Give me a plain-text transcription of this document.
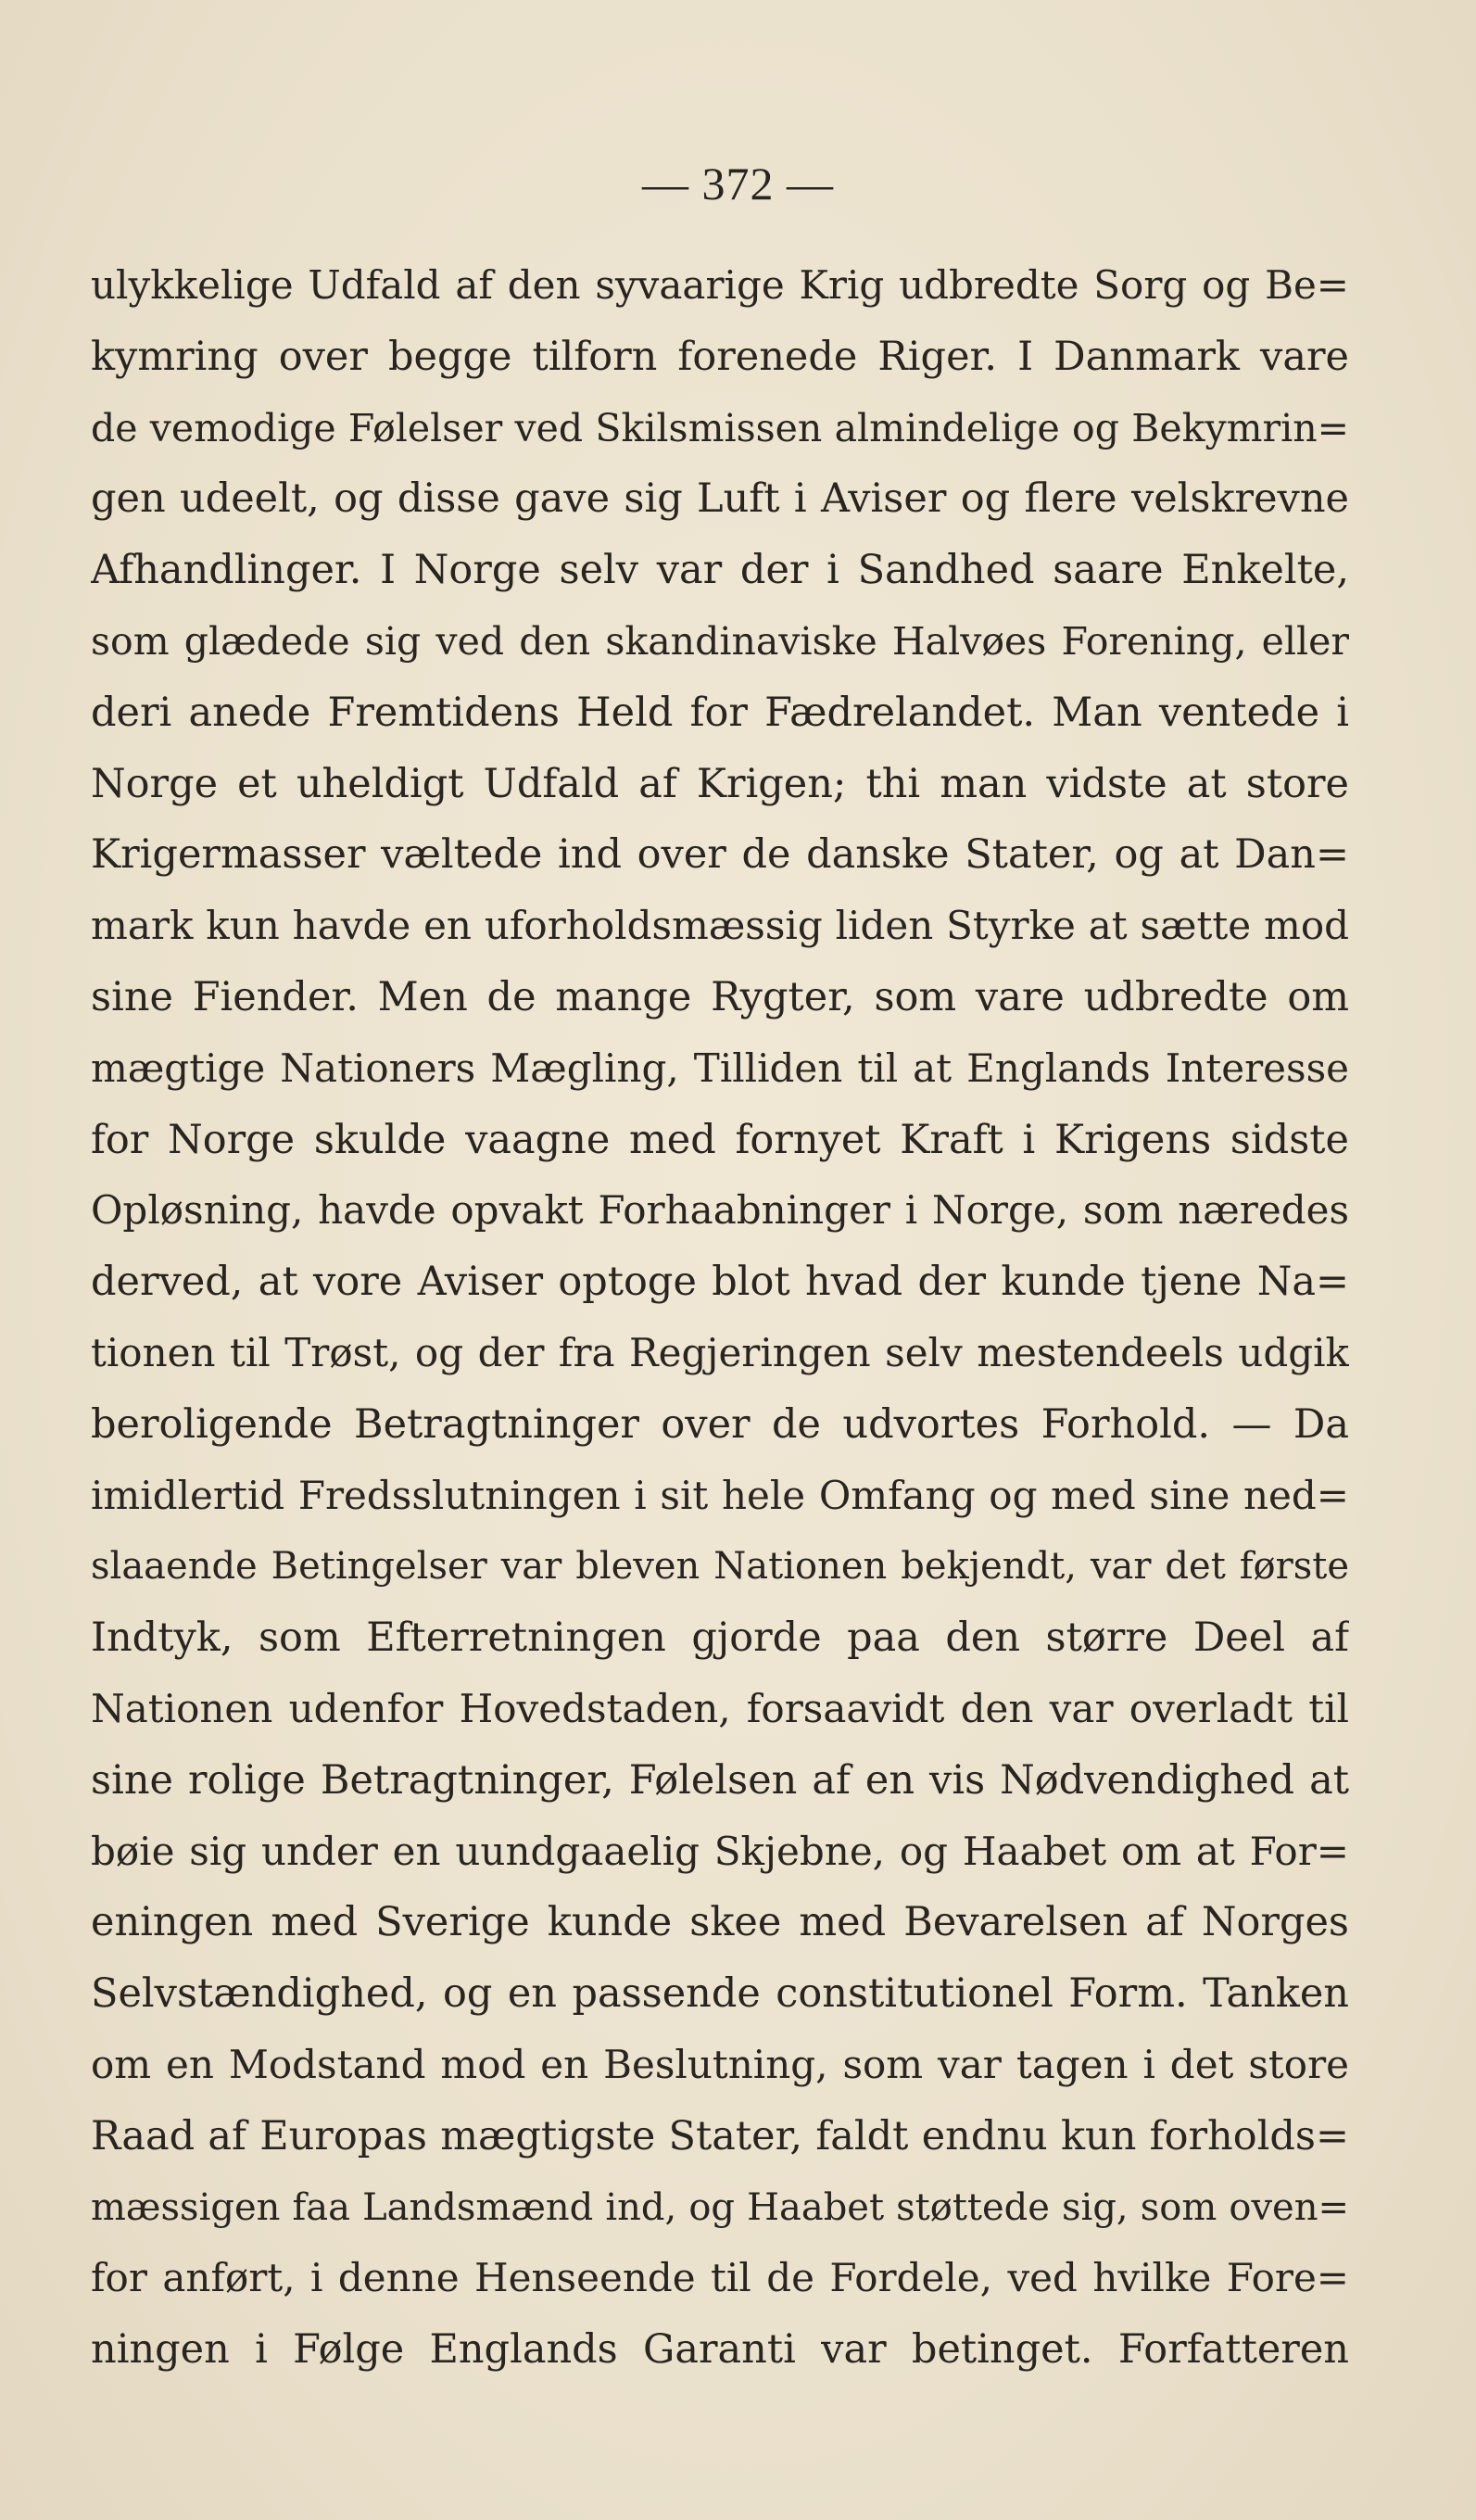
— 372 —
ulykkelige Udfald af den syvaarige Krig udbredte Sorg og Be=
kymring over begge tilforn forenede Riger. I Danmark vare
de vemodige Følelser ved Skilsmissen almindelige og Bekymrin=
gen udeelt, og disse gave sig Luft i Aviser og flere velskrevne
Afhandlinger. I Norge selv var der i Sandhed saare Enkelte,
som glædede sig ved den skandinaviske Halvøes Forening, eller
deri anede Fremtidens Held for Fædrelandet. Man ventede i
Norge et uheldigt Udfald af Krigen; thi man vidste at store
Krigermasser væltede ind over de danske Stater, og at Dan=
mark kun havde en uforholdsmæssig liden Styrke at sætte mod
sine Fiender. Men de mange Rygter, som vare udbredte om
mægtige Nationers Mægling, Tilliden til at Englands Interesse
for Norge skulde vaagne med fornyet Kraft i Krigens sidste
Opløsning, havde opvakt Forhaabninger i Norge, som næredes
derved, at vore Aviser optoge blot hvad der kunde tjene Na=
tionen til Trøst, og der fra Regjeringen selv mestendeels udgik
beroligende Betragtninger over de udvortes Forhold. — Da
imidlertid Fredsslutningen i sit hele Omfang og med sine ned=
slaaende Betingelser var bleven Nationen bekjendt, var det første
Indtyk, som Efterretningen gjorde paa den større Deel af
Nationen udenfor Hovedstaden, forsaavidt den var overladt til
sine rolige Betragtninger, Følelsen af en vis Nødvendighed at
bøie sig under en uundgaaelig Skjebne, og Haabet om at For=
eningen med Sverige kunde skee med Bevarelsen af Norges
Selvstændighed, og en passende constitutionel Form. Tanken
om en Modstand mod en Beslutning, som var tagen i det store
Raad af Europas mægtigste Stater, faldt endnu kun forholds=
mæssigen faa Landsmænd ind, og Haabet støttede sig, som oven=
for anført, i denne Henseende til de Fordele, ved hvilke Fore=
ningen i Følge Englands Garanti var betinget. Forfatteren
